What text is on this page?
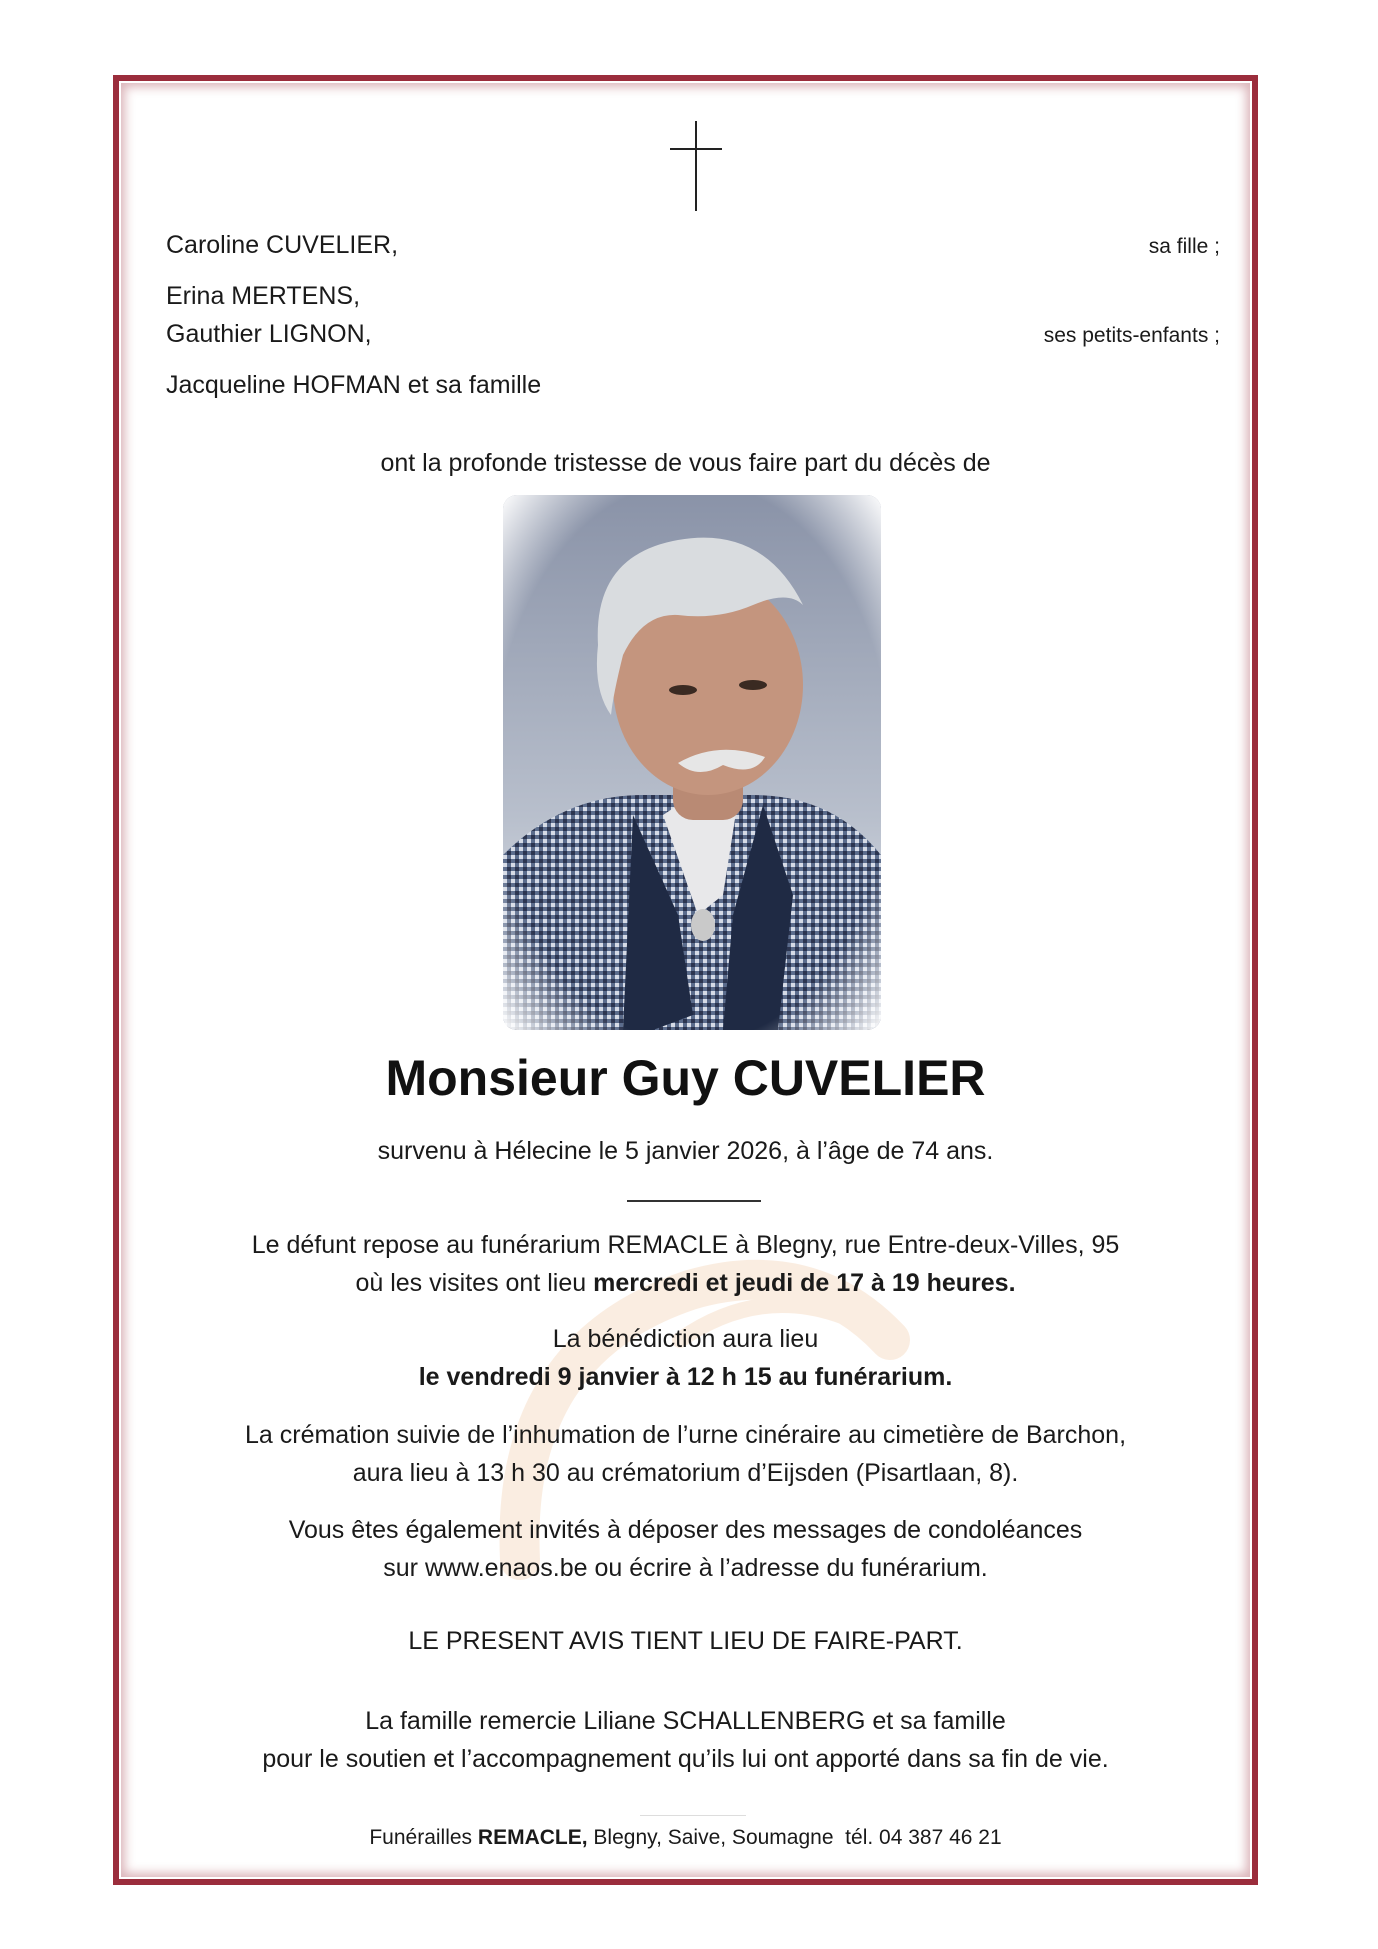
Caroline CUVELIER,	sa fille ;
Erina MERTENS,
Gauthier LIGNON,	ses petits-enfants ;
Jacqueline HOFMAN et sa famille
ont la profonde tristesse de vous faire part du décès de
Monsieur Guy CUVELIER
survenu à Hélecine le 5 janvier 2026, à l’âge de 74 ans.
Le défunt repose au funérarium REMACLE à Blegny, rue Entre-deux-Villes, 95
où les visites ont lieu mercredi et jeudi de 17 à 19 heures.
La bénédiction aura lieu
le vendredi 9 janvier à 12 h 15 au funérarium.
La crémation suivie de l’inhumation de l’urne cinéraire au cimetière de Barchon,
aura lieu à 13 h 30 au crématorium d’Eijsden (Pisartlaan, 8).
Vous êtes également invités à déposer des messages de condoléances
sur www.enaos.be ou écrire à l’adresse du funérarium.
LE PRESENT AVIS TIENT LIEU DE FAIRE-PART.
La famille remercie Liliane SCHALLENBERG et sa famille
pour le soutien et l’accompagnement qu’ils lui ont apporté dans sa fin de vie.
Funérailles REMACLE, Blegny, Saive, Soumagne  tél. 04 387 46 21
